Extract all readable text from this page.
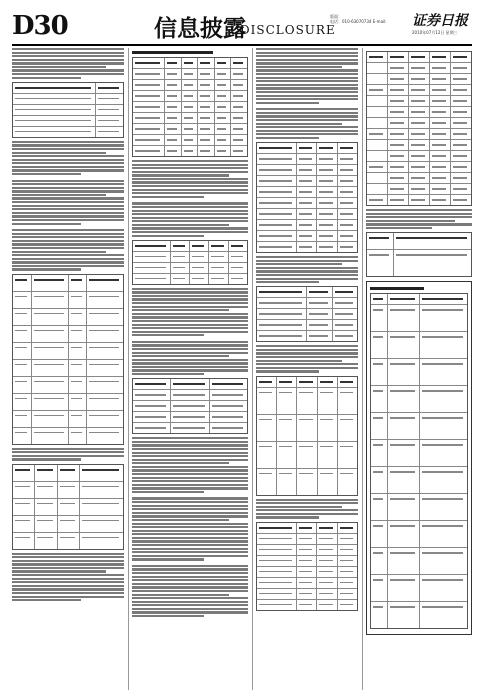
D30	信息披露
DISCLOSURE
版面：
电话：010-63070734 E-mail: 证券日报
2010年07月12日 星期三
